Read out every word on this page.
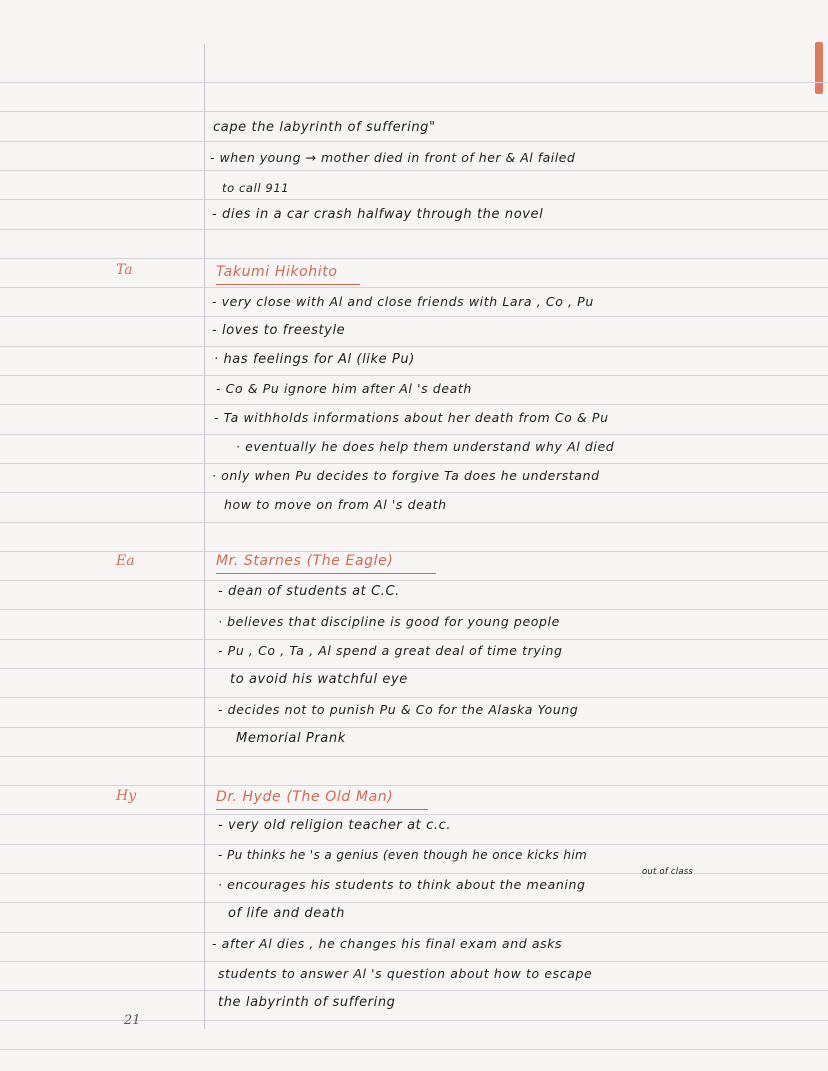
cape the labyrinth of suffering"
- when young → mother died in front of her & Al failed
to call 911
- dies in a car crash halfway through the novel
Ta	Takumi Hikohito
- very close with Al and close friends with Lara , Co , Pu
- loves to freestyle
· has feelings for Al (like Pu)
- Co & Pu ignore him after Al 's death
- Ta withholds informations about her death from Co & Pu
· eventually he does help them understand why Al died
· only when Pu decides to forgive Ta does he understand
how to move on from Al 's death
Ea	Mr. Starnes (The Eagle)
- dean of students at C.C.
· believes that discipline is good for young people
- Pu , Co , Ta , Al spend a great deal of time trying
to avoid his watchful eye
- decides not to punish Pu & Co for the Alaska Young
Memorial Prank
Hy	Dr. Hyde (The Old Man)
- very old religion teacher at c.c.
- Pu thinks he 's a genius (even though he once kicks him
out of class
· encourages his students to think about the meaning
of life and death
- after Al dies , he changes his final exam and asks
students to answer Al 's question about how to escape
the labyrinth of suffering
21
